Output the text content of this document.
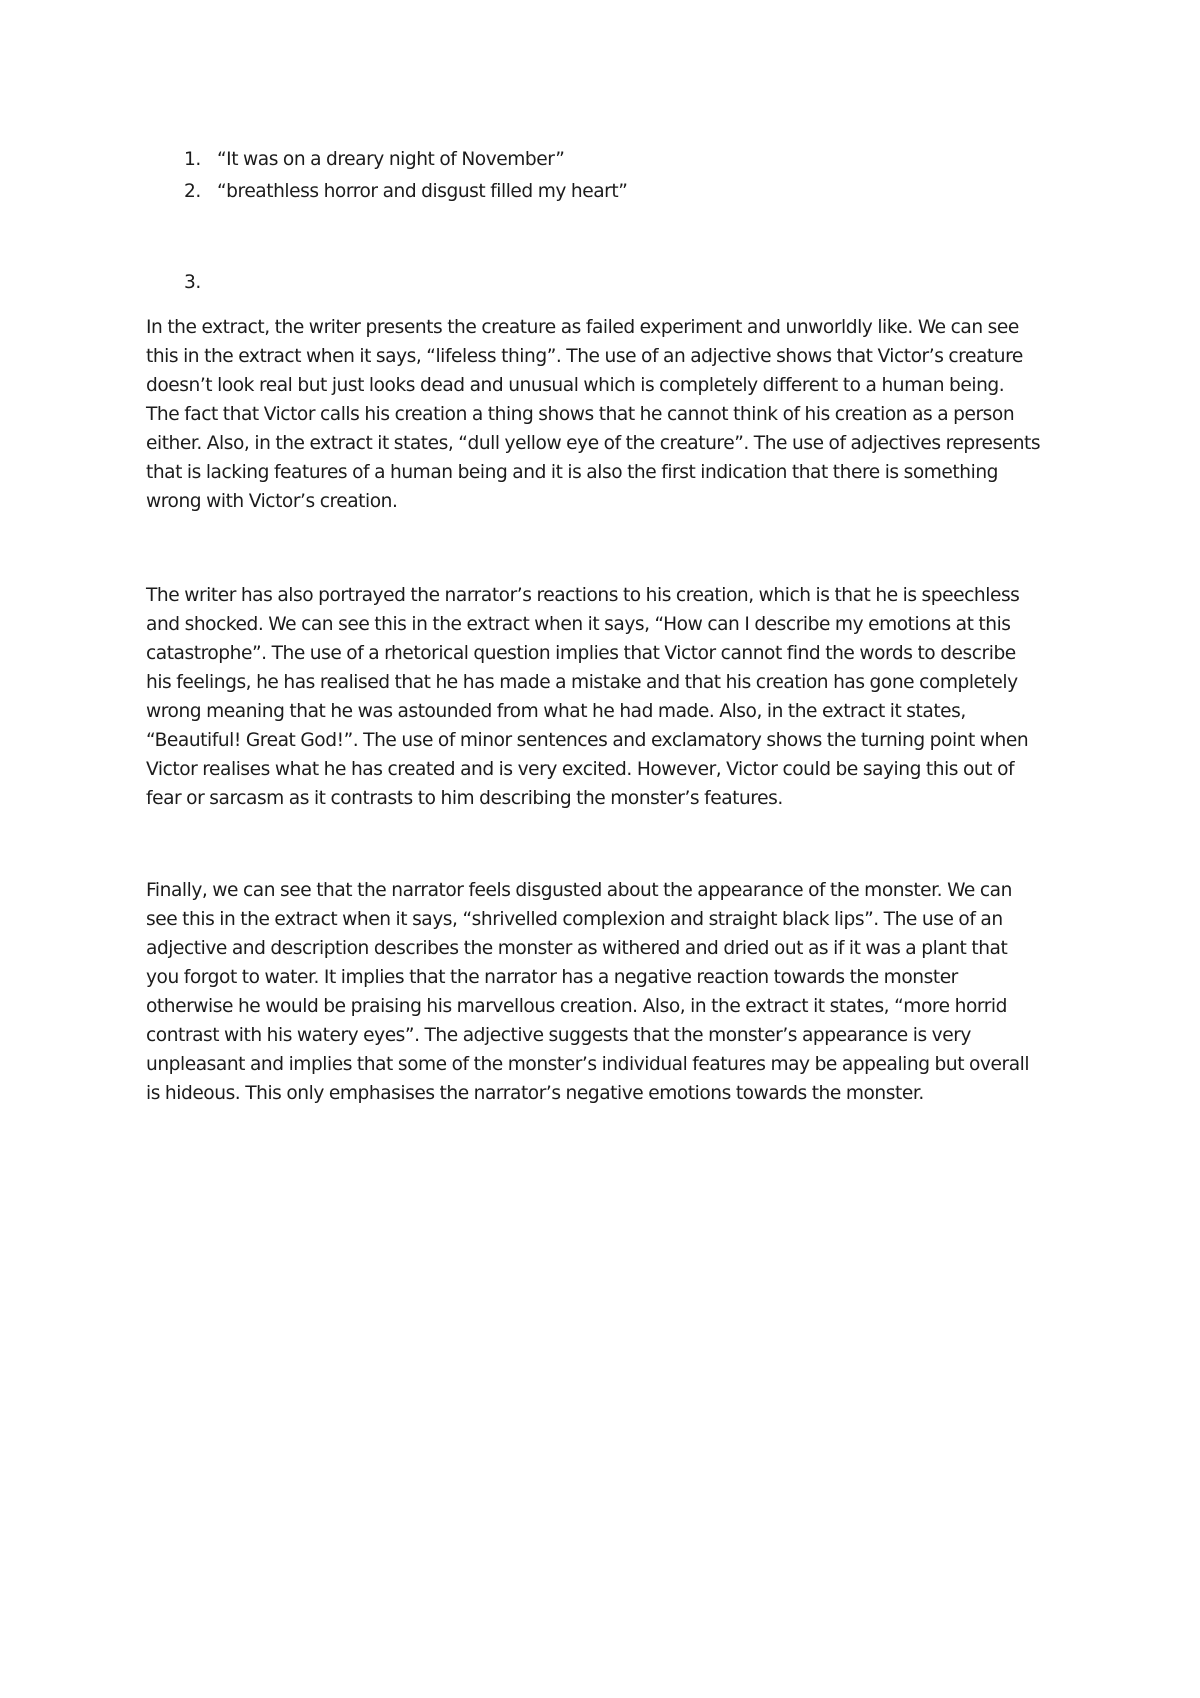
1. “It was on a dreary night of November”
2. “breathless horror and disgust filled my heart”
3.

In the extract, the writer presents the creature as failed experiment and unworldly like. We can see
this in the extract when it says, “lifeless thing”. The use of an adjective shows that Victor’s creature
doesn’t look real but just looks dead and unusual which is completely different to a human being.
The fact that Victor calls his creation a thing shows that he cannot think of his creation as a person
either. Also, in the extract it states, “dull yellow eye of the creature”. The use of adjectives represents
that is lacking features of a human being and it is also the first indication that there is something
wrong with Victor’s creation.

The writer has also portrayed the narrator’s reactions to his creation, which is that he is speechless
and shocked. We can see this in the extract when it says, “How can I describe my emotions at this
catastrophe”. The use of a rhetorical question implies that Victor cannot find the words to describe
his feelings, he has realised that he has made a mistake and that his creation has gone completely
wrong meaning that he was astounded from what he had made. Also, in the extract it states,
“Beautiful! Great God!”. The use of minor sentences and exclamatory shows the turning point when
Victor realises what he has created and is very excited. However, Victor could be saying this out of
fear or sarcasm as it contrasts to him describing the monster’s features.

Finally, we can see that the narrator feels disgusted about the appearance of the monster. We can
see this in the extract when it says, “shrivelled complexion and straight black lips”. The use of an
adjective and description describes the monster as withered and dried out as if it was a plant that
you forgot to water. It implies that the narrator has a negative reaction towards the monster
otherwise he would be praising his marvellous creation. Also, in the extract it states, “more horrid
contrast with his watery eyes”. The adjective suggests that the monster’s appearance is very
unpleasant and implies that some of the monster’s individual features may be appealing but overall
is hideous. This only emphasises the narrator’s negative emotions towards the monster.
